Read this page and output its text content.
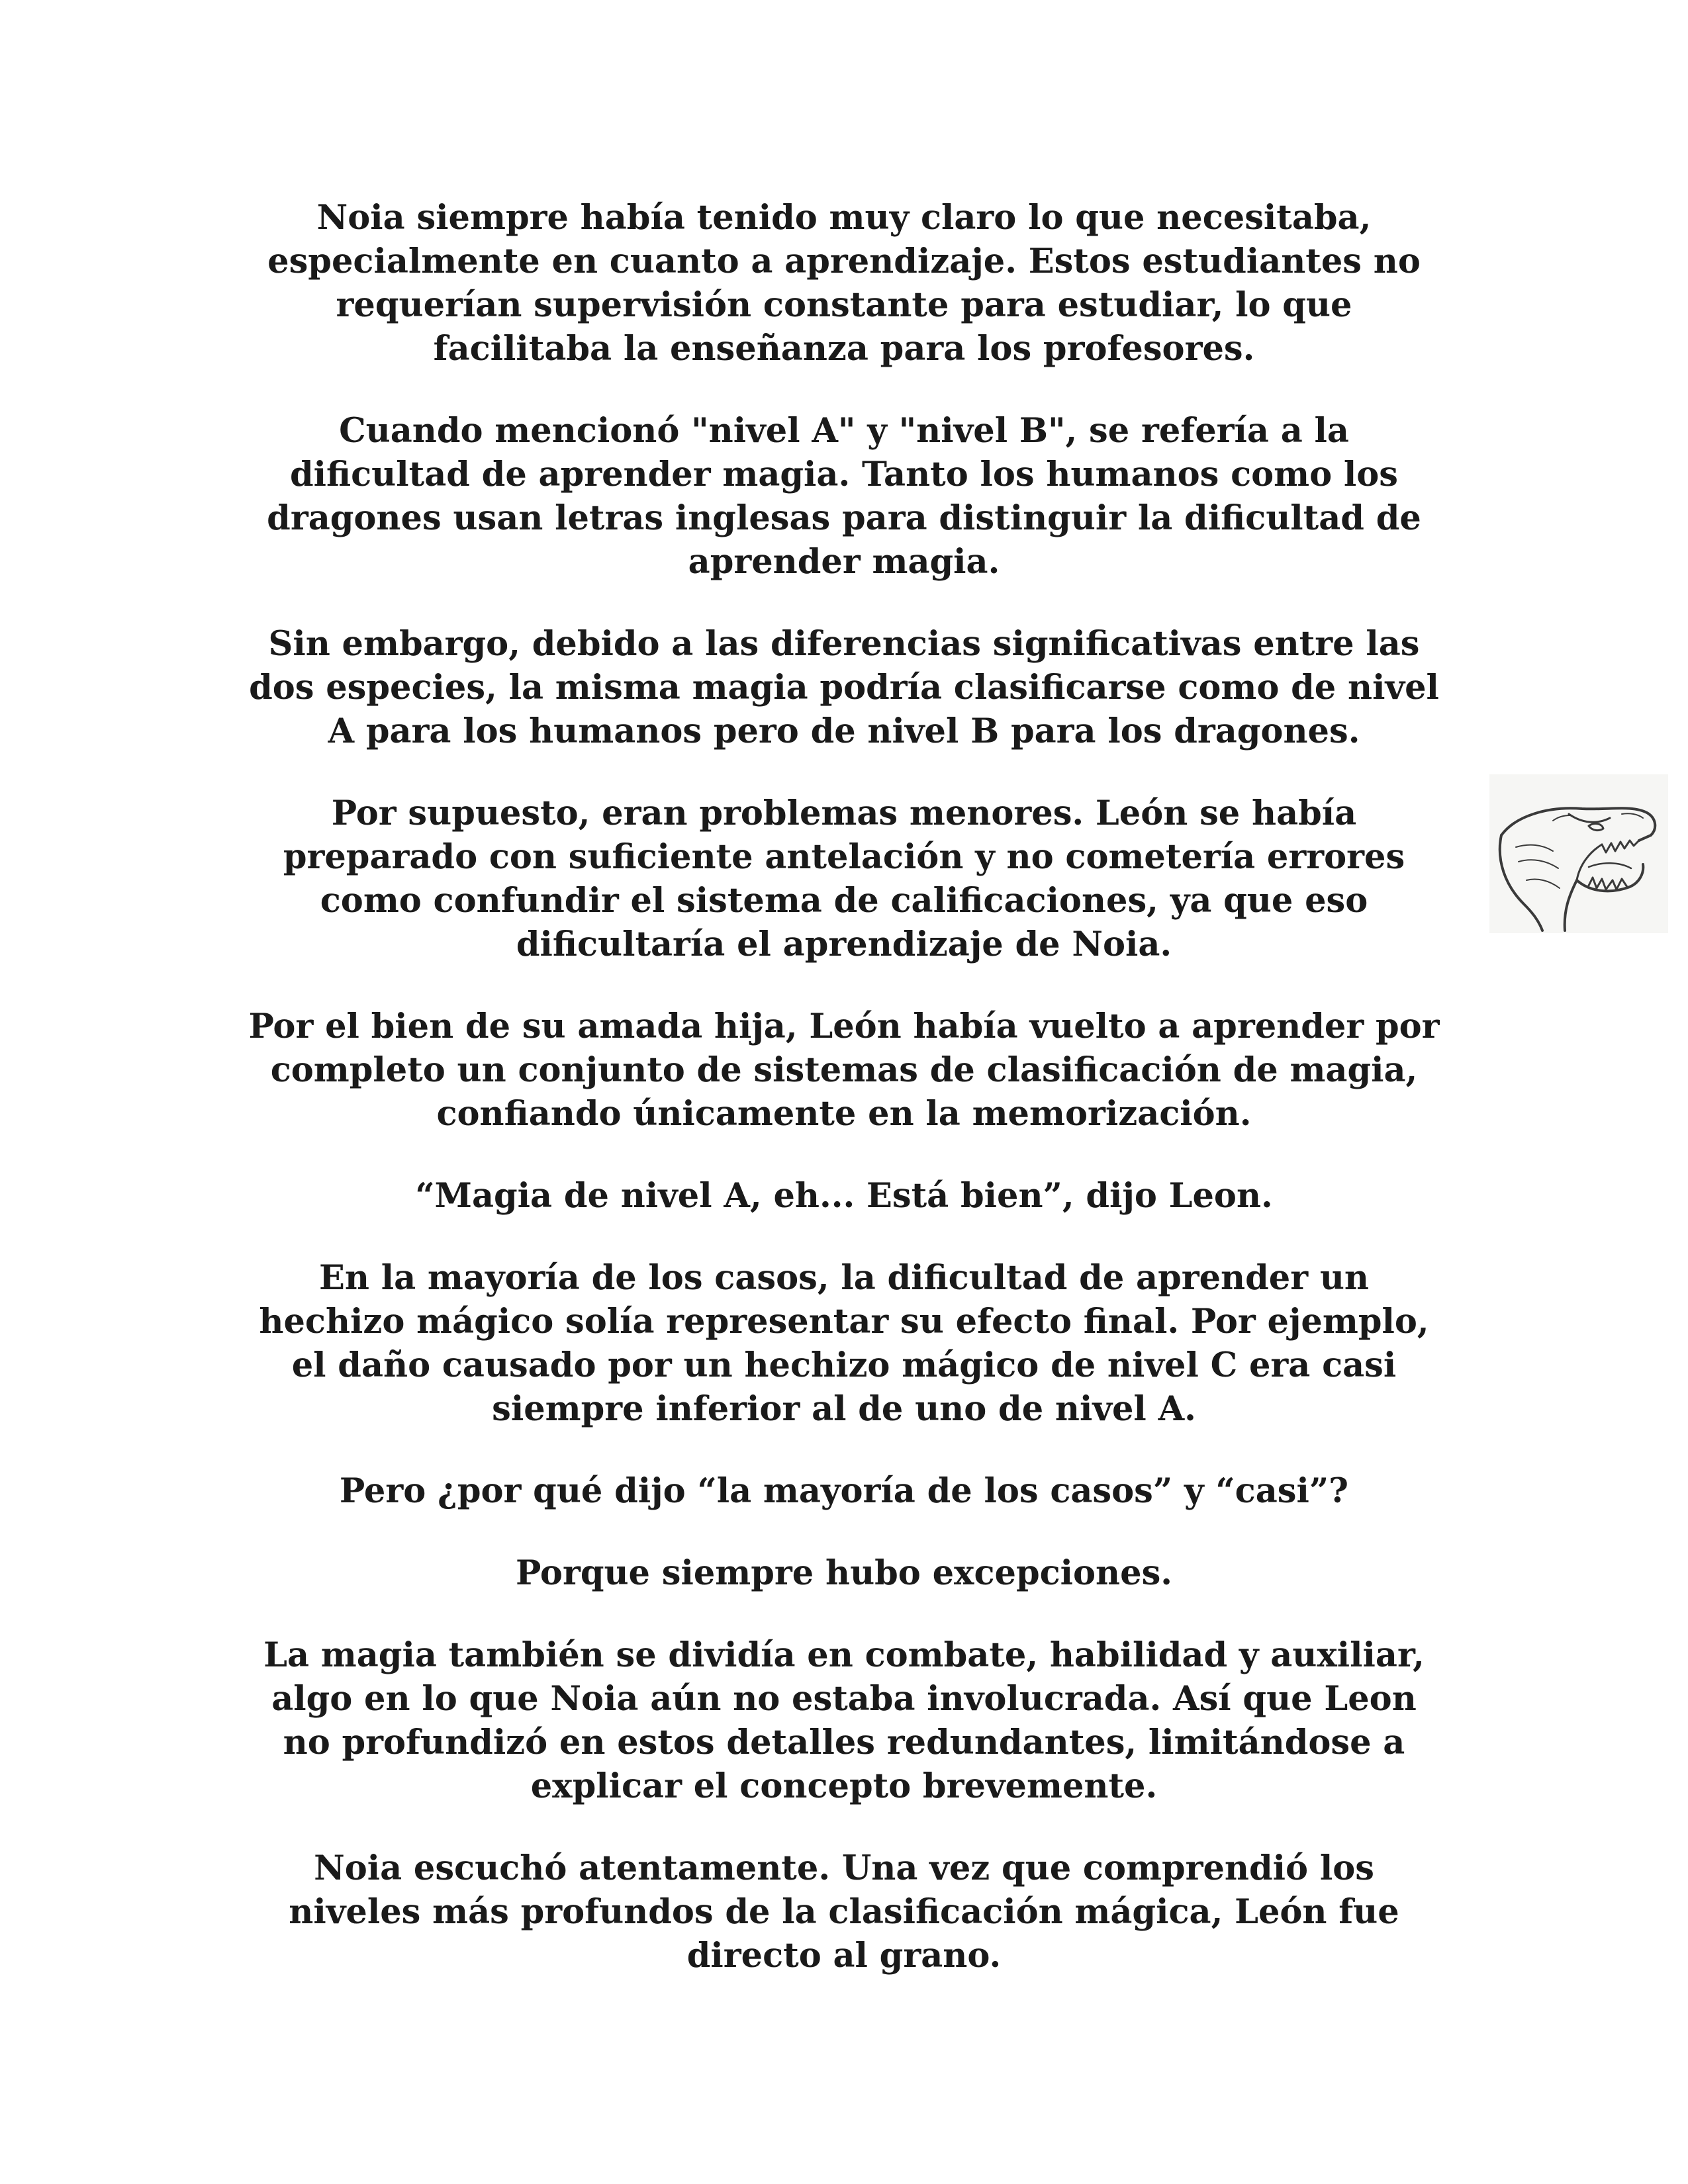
Noia siempre había tenido muy claro lo que necesitaba,
especialmente en cuanto a aprendizaje. Estos estudiantes no
requerían supervisión constante para estudiar, lo que
facilitaba la enseñanza para los profesores.

Cuando mencionó "nivel A" y "nivel B", se refería a la
dificultad de aprender magia. Tanto los humanos como los
dragones usan letras inglesas para distinguir la dificultad de
aprender magia.

Sin embargo, debido a las diferencias significativas entre las
dos especies, la misma magia podría clasificarse como de nivel
A para los humanos pero de nivel B para los dragones.

Por supuesto, eran problemas menores. León se había
preparado con suficiente antelación y no cometería errores
como confundir el sistema de calificaciones, ya que eso
dificultaría el aprendizaje de Noia.

Por el bien de su amada hija, León había vuelto a aprender por
completo un conjunto de sistemas de clasificación de magia,
confiando únicamente en la memorización.

“Magia de nivel A, eh... Está bien”, dijo Leon.

En la mayoría de los casos, la dificultad de aprender un
hechizo mágico solía representar su efecto final. Por ejemplo,
el daño causado por un hechizo mágico de nivel C era casi
siempre inferior al de uno de nivel A.

Pero ¿por qué dijo “la mayoría de los casos” y “casi”?

Porque siempre hubo excepciones.

La magia también se dividía en combate, habilidad y auxiliar,
algo en lo que Noia aún no estaba involucrada. Así que Leon
no profundizó en estos detalles redundantes, limitándose a
explicar el concepto brevemente.

Noia escuchó atentamente. Una vez que comprendió los
niveles más profundos de la clasificación mágica, León fue
directo al grano.
